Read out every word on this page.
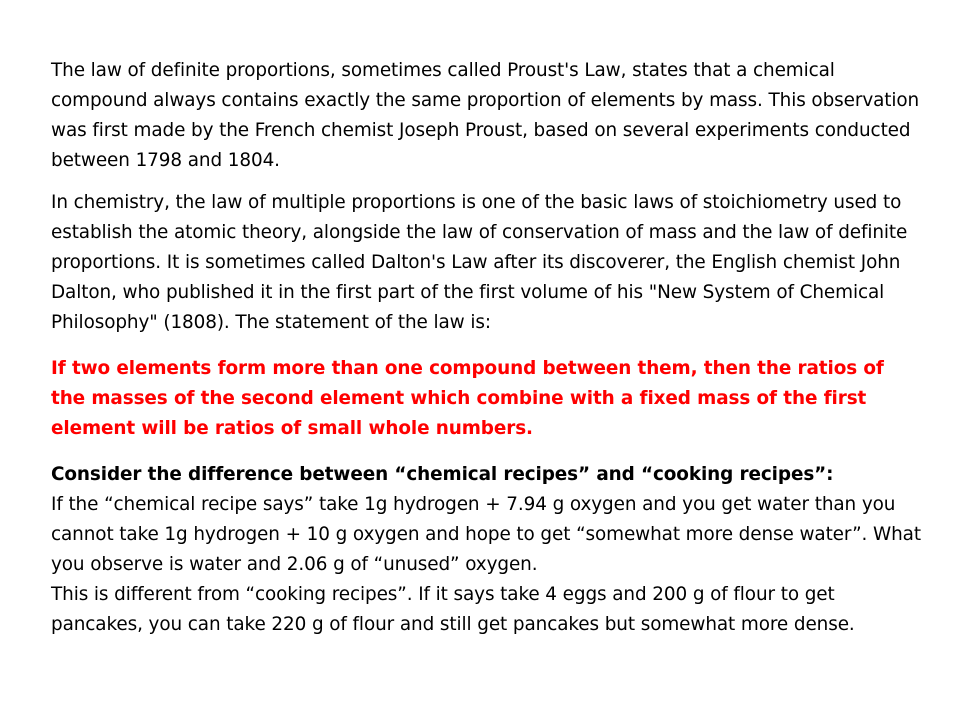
The law of definite proportions, sometimes called Proust's Law, states that a chemical compound always contains exactly the same proportion of elements by mass. This observation was first made by the French chemist Joseph Proust, based on several experiments conducted between 1798 and 1804.

In chemistry, the law of multiple proportions is one of the basic laws of stoichiometry used to establish the atomic theory, alongside the law of conservation of mass and the law of definite proportions. It is sometimes called Dalton's Law after its discoverer, the English chemist John Dalton, who published it in the first part of the first volume of his "New System of Chemical Philosophy" (1808). The statement of the law is:

If two elements form more than one compound between them, then the ratios of the masses of the second element which combine with a fixed mass of the first element will be ratios of small whole numbers.

Consider the difference between “chemical recipes” and “cooking recipes”:

If the “chemical recipe says” take 1g hydrogen + 7.94 g oxygen and you get water than you cannot take 1g hydrogen + 10 g oxygen and hope to get “somewhat more dense water”. What you observe is water and 2.06 g of “unused” oxygen.

This is different from “cooking recipes”. If it says take 4 eggs and 200 g of flour to get pancakes, you can take 220 g of flour and still get pancakes but somewhat more dense.
